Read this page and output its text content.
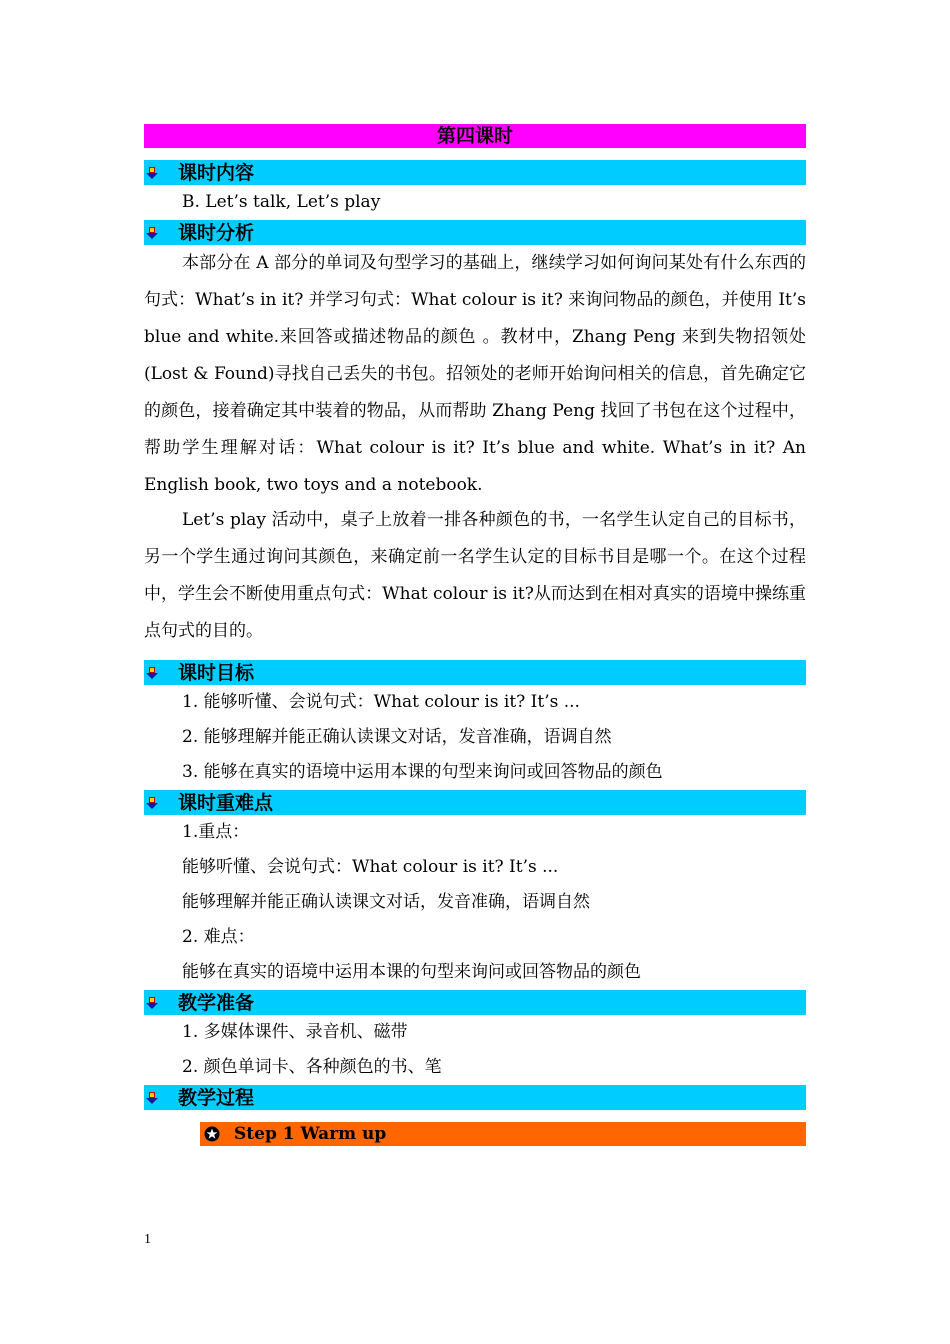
第四课时
课时内容
B. Let’s talk, Let’s play
课时分析

本部分在 A 部分的单词及句型学习的基础上，继续学习如何询问某处有什么东西的句式：What’s in it? 并学习句式：What colour is it? 来询问物品的颜色，并使用 It’s blue and white.来回答或描述物品的颜色 。教材中，Zhang Peng 来到失物招领处(Lost & Found)寻找自己丢失的书包。招领处的老师开始询问相关的信息，首先确定它的颜色，接着确定其中装着的物品，从而帮助 Zhang Peng 找回了书包在这个过程中，帮助学生理解对话：What colour is it? It’s blue and white. What’s in it? An English book, two toys and a notebook.

Let’s play 活动中，桌子上放着一排各种颜色的书，一名学生认定自己的目标书，另一个学生通过询问其颜色，来确定前一名学生认定的目标书目是哪一个。在这个过程中，学生会不断使用重点句式：What colour is it?从而达到在相对真实的语境中操练重点句式的目的。

课时目标
1. 能够听懂、会说句式：What colour is it? It’s ...
2. 能够理解并能正确认读课文对话，发音准确，语调自然
3. 能够在真实的语境中运用本课的句型来询问或回答物品的颜色
课时重难点
1.重点：
能够听懂、会说句式：What colour is it? It’s ...
能够理解并能正确认读课文对话，发音准确，语调自然
2. 难点：
能够在真实的语境中运用本课的句型来询问或回答物品的颜色
教学准备
1. 多媒体课件、录音机、磁带
2. 颜色单词卡、各种颜色的书、笔
教学过程
Step 1 Warm up
1
